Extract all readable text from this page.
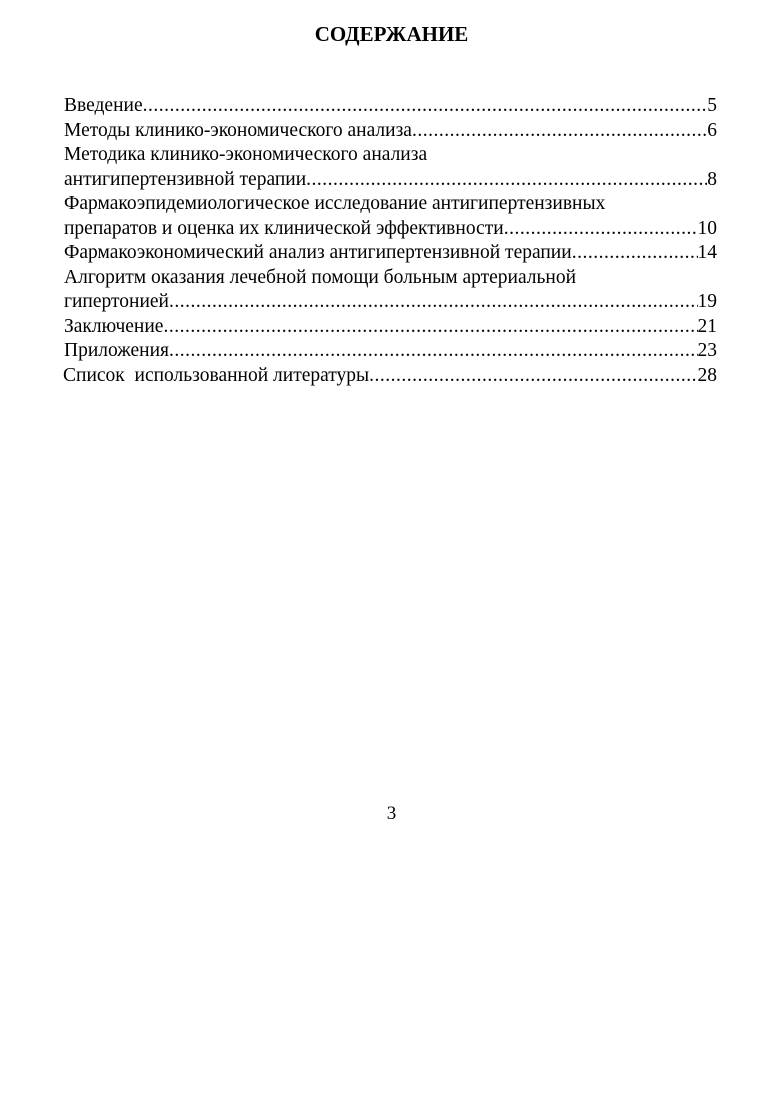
СОДЕРЖАНИЕ
Введение .....	5
Методы клинико-экономического анализа .....	6
Методика клинико-экономического анализа
антигипертензивной терапии .....	8
Фармакоэпидемиологическое исследование антигипертензивных
препаратов и оценка их клинической эффективности .....	10
Фармакоэкономический анализ антигипертензивной терапии .....	14
Алгоритм оказания лечебной помощи больным артериальной
гипертонией .....	19
Заключение .....	21
Приложения .....	23
Список  использованной литературы .....	28
3
